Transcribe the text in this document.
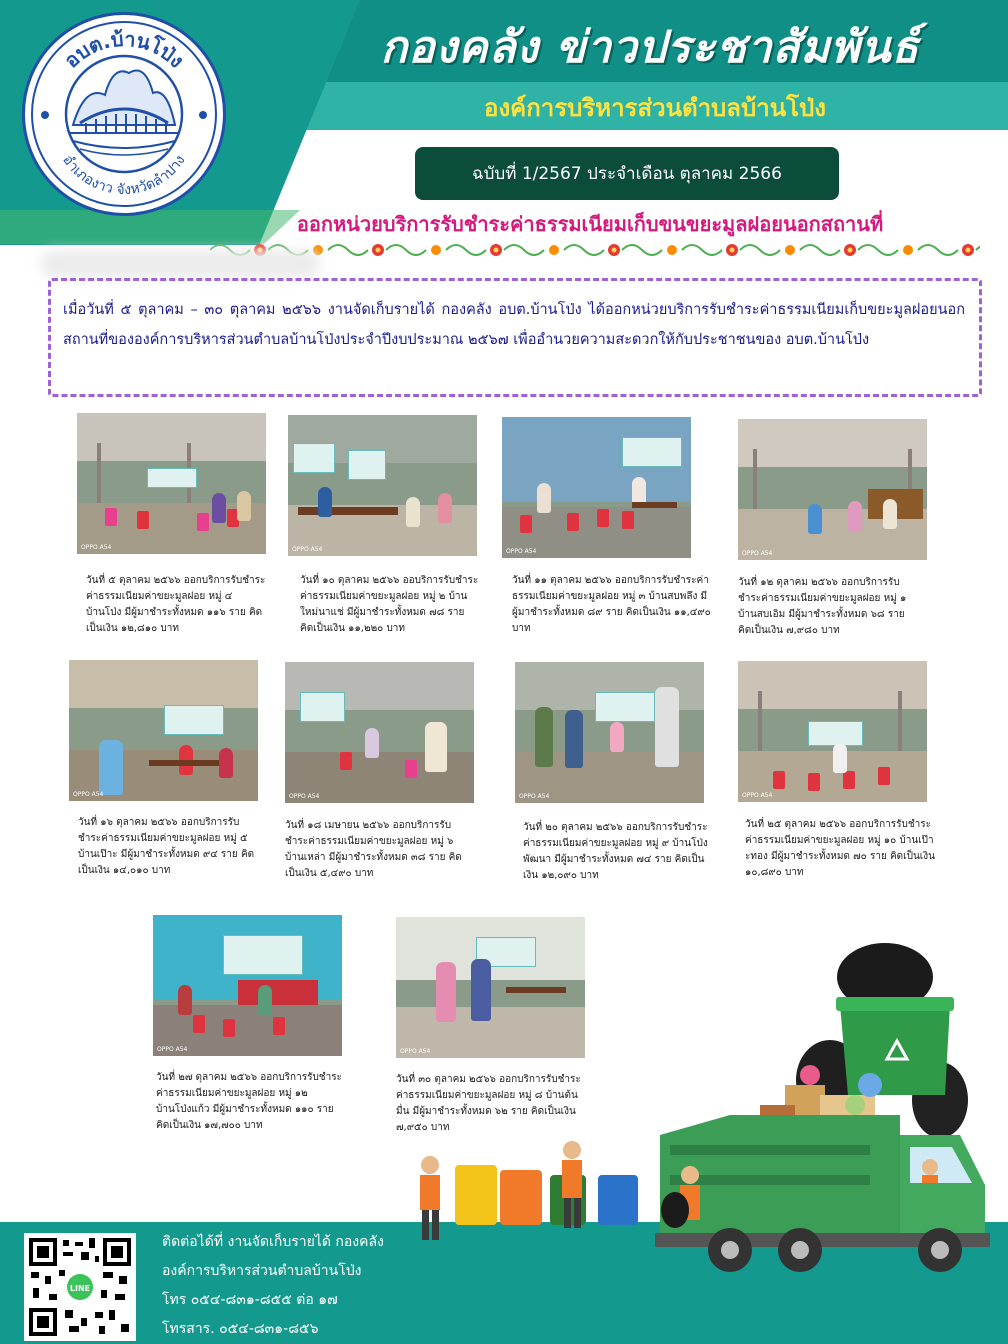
กองคลัง ข่าวประชาสัมพันธ์
องค์การบริหารส่วนตำบลบ้านโป่ง
ฉบับที่ 1/2567 ประจำเดือน ตุลาคม 2566
อบต.บ้านโป่ง
อำเภองาว จังหวัดลำปาง
ออกหน่วยบริการรับชำระค่าธรรมเนียมเก็บขนขยะมูลฝอยนอกสถานที่
เมื่อวันที่ ๕ ตุลาคม – ๓๐ ตุลาคม ๒๕๖๖ งานจัดเก็บรายได้ กองคลัง อบต.บ้านโป่ง ได้ออกหน่วยบริการรับชำระค่าธรรมเนียมเก็บขยะมูลฝอยนอกสถานที่ขององค์การบริหารส่วนตำบลบ้านโป่งประจำปีงบประมาณ ๒๕๖๗ เพื่ออำนวยความสะดวกให้กับประชาชนของ อบต.บ้านโป่ง
OPPO A54	OPPO A54	OPPO A54	OPPO A54
OPPO A54	OPPO A54	OPPO A54	OPPO A54
OPPO A54	OPPO A54
วันที่ ๕ ตุลาคม ๒๕๖๖ ออกบริการรับชำระค่าธรรมเนียมค่าขยะมูลฝอย หมู่ ๔ บ้านโป่ง มีผู้มาชำระทั้งหมด ๑๑๖ ราย คิดเป็นเงิน ๑๒,๘๑๐ บาท
วันที่ ๑๐ ตุลาคม ๒๕๖๖ ออบริการรับชำระค่าธรรมเนียมค่าขยะมูลฝอย หมู่ ๒ บ้านใหม่นาแช่ มีผู้มาชำระทั้งหมด ๗๘ ราย คิดเป็นเงิน ๑๑,๒๒๐ บาท
วันที่ ๑๑ ตุลาคม ๒๕๖๖ ออกบริการรับชำระค่าธรรมเนียมค่าขยะมูลฝอย หมู่ ๓ บ้านสบพลึง มีผู้มาชำระทั้งหมด ๘๙ ราย คิดเป็นเงิน ๑๑,๔๙๐ บาท
วันที่ ๑๒ ตุลาคม ๒๕๖๖ ออกบริการรับชำระค่าธรรมเนียมค่าขยะมูลฝอย หมู่ ๑ บ้านสบเอิม มีผู้มาชำระทั้งหมด ๖๘ ราย คิดเป็นเงิน ๗,๙๘๐ บาท
วันที่ ๑๖ ตุลาคม ๒๕๖๖ ออกบริการรับชำระค่าธรรมเนียมค่าขยะมูลฝอย หมู่ ๕ บ้านเป๊าะ มีผู้มาชำระทั้งหมด ๙๔ ราย คิดเป็นเงิน ๑๔,๐๑๐ บาท
วันที่ ๑๘ เมษายน ๒๕๖๖ ออกบริการรับชำระค่าธรรมเนียมค่าขยะมูลฝอย หมู่ ๖ บ้านเหล่า มีผู้มาชำระทั้งหมด ๓๘ ราย คิดเป็นเงิน ๕,๔๙๐ บาท
วันที่ ๒๐ ตุลาคม ๒๕๖๖ ออกบริการรับชำระค่าธรรมเนียมค่าขยะมูลฝอย หมู่ ๙ บ้านโป่งพัฒนา มีผู้มาชำระทั้งหมด ๗๔ ราย คิดเป็นเงิน ๑๒,๐๙๐ บาท
วันที่ ๒๕ ตุลาคม ๒๕๖๖ ออกบริการรับชำระค่าธรรมเนียมค่าขยะมูลฝอย หมู่ ๑๐ บ้านเป๊าะทอง มีผู้มาชำระทั้งหมด ๗๐ ราย คิดเป็นเงิน ๑๐,๘๙๐ บาท
วันที่ ๒๗ ตุลาคม ๒๕๖๖ ออกบริการรับชำระค่าธรรมเนียมค่าขยะมูลฝอย หมู่ ๑๒ บ้านโป่งแก้ว มีผู้มาชำระทั้งหมด ๑๑๐ ราย คิดเป็นเงิน ๑๗,๗๐๐ บาท
วันที่ ๓๐ ตุลาคม ๒๕๖๖ ออกบริการรับชำระค่าธรรมเนียมค่าขยะมูลฝอย หมู่ ๘ บ้านต้นมื่น มีผู้มาชำระทั้งหมด ๖๒ ราย คิดเป็นเงิน ๗,๙๕๐ บาท
LINE
ติดต่อได้ที่ งานจัดเก็บรายได้ กองคลัง
องค์การบริหารส่วนตำบลบ้านโป่ง
โทร ๐๕๔-๘๓๑-๘๕๕ ต่อ ๑๗
โทรสาร. ๐๕๔-๘๓๑-๘๕๖
